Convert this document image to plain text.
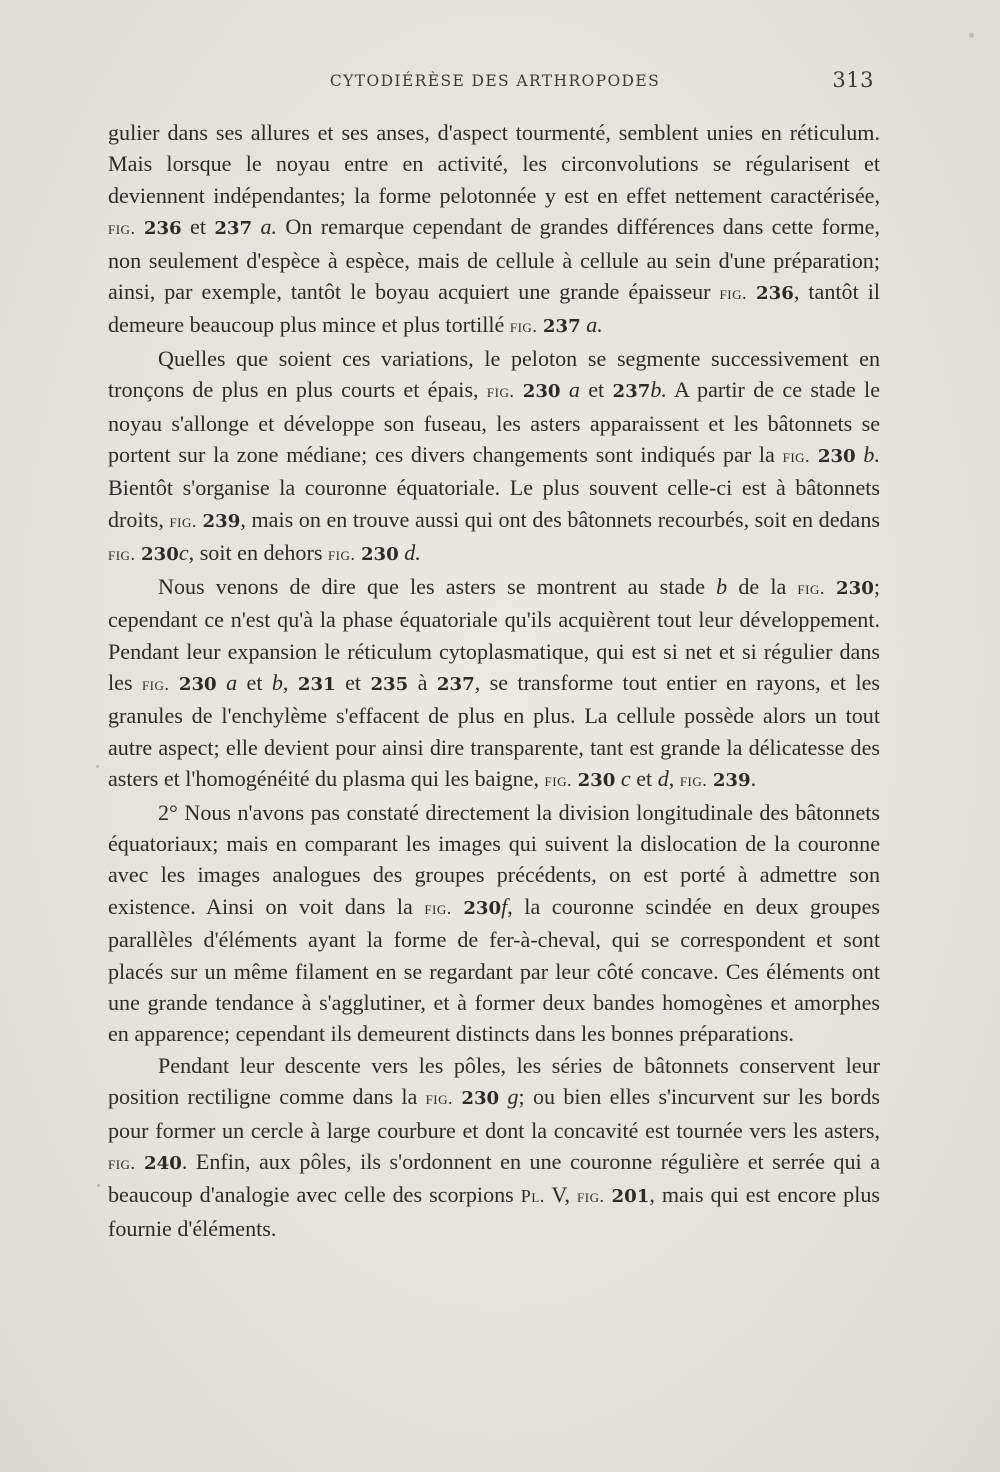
CYTODIÉRÈSE DES ARTHROPODES	313

gulier dans ses allures et ses anses, d'aspect tourmenté, semblent unies en réticulum. Mais lorsque le noyau entre en activité, les circonvolutions se régularisent et deviennent indépendantes; la forme pelotonnée y est en effet nettement caractérisée, fig. 236 et 237 a. On remarque cependant de grandes différences dans cette forme, non seulement d'espèce à espèce, mais de cellule à cellule au sein d'une préparation; ainsi, par exemple, tantôt le boyau acquiert une grande épaisseur fig. 236, tantôt il demeure beaucoup plus mince et plus tortillé fig. 237 a.

Quelles que soient ces variations, le peloton se segmente successivement en tronçons de plus en plus courts et épais, fig. 230 a et 237b. A partir de ce stade le noyau s'allonge et développe son fuseau, les asters apparaissent et les bâtonnets se portent sur la zone médiane; ces divers changements sont indiqués par la fig. 230 b. Bientôt s'organise la couronne équatoriale. Le plus souvent celle-ci est à bâtonnets droits, fig. 239, mais on en trouve aussi qui ont des bâtonnets recourbés, soit en dedans fig. 230c, soit en dehors fig. 230 d.

Nous venons de dire que les asters se montrent au stade b de la fig. 230; cependant ce n'est qu'à la phase équatoriale qu'ils acquièrent tout leur développement. Pendant leur expansion le réticulum cytoplasmatique, qui est si net et si régulier dans les fig. 230 a et b, 231 et 235 à 237, se transforme tout entier en rayons, et les granules de l'enchylème s'effacent de plus en plus. La cellule possède alors un tout autre aspect; elle devient pour ainsi dire transparente, tant est grande la délicatesse des asters et l'homogénéité du plasma qui les baigne, fig. 230 c et d, fig. 239.

2° Nous n'avons pas constaté directement la division longitudinale des bâtonnets équatoriaux; mais en comparant les images qui suivent la dislocation de la couronne avec les images analogues des groupes précédents, on est porté à admettre son existence. Ainsi on voit dans la fig. 230f, la couronne scindée en deux groupes parallèles d'éléments ayant la forme de fer-à-cheval, qui se correspondent et sont placés sur un même filament en se regardant par leur côté concave. Ces éléments ont une grande tendance à s'agglutiner, et à former deux bandes homogènes et amorphes en apparence; cependant ils demeurent distincts dans les bonnes préparations.

Pendant leur descente vers les pôles, les séries de bâtonnets conservent leur position rectiligne comme dans la fig. 230 g; ou bien elles s'incurvent sur les bords pour former un cercle à large courbure et dont la concavité est tournée vers les asters, fig. 240. Enfin, aux pôles, ils s'ordonnent en une couronne régulière et serrée qui a beaucoup d'analogie avec celle des scorpions Pl. V, fig. 201, mais qui est encore plus fournie d'éléments.
